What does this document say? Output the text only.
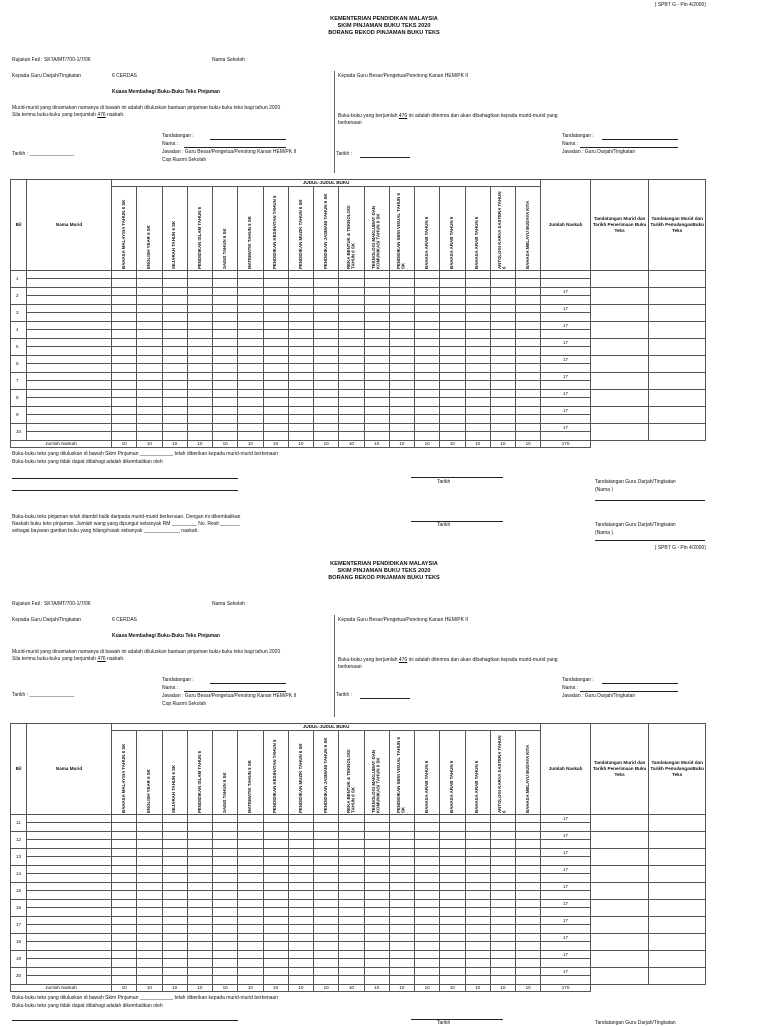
( SPBT G - Pin 4/2000)
KEMENTERIAN PENDIDIKAN MALAYSIA
SKIM PINJAMAN BUKU TEKS 2020
BORANG REKOD PINJAMAN BUKU TEKS
Rujukan Fail : SKTA/MT/700-1/7/06	Nama Sekolah :
Kepada Guru Darjah/Tingkatan	6 CERDAS	Kepada Guru Besar/Pengetua/Penolong Kanan HEM/PK II
Kuasa Membahagi Buku-Buku Teks Pinjaman
Murid-murid yang dinamakan namanya di bawah ini adalah diluluskan bantuan pinjaman buku-buku teks bagi tahun 2020
Sila terima buku-buku yang berjumlah 476 naskah.	Buku-buku yang berjumlah 476 ini adalah diterima dan akan dibahagikan kepada murid-murid yang
berkenaan
Tandatangan :
Nama :
Jawatan : Guru Besar/Pengetua/Penolong Kanan HEM/PK II
Cop Rasmi Sekolah
Tarikh : ________________
Tandatangan :
Nama :
Jawatan : Guru Darjah/Tingkatan
Tarikh :
Bil	Nama Murid	JUDUL-JUDUL BUKU																	Jumlah Naskah	Tandatangan Murid dan Tarikh Penerimaan Buku Teks	Tandatangan Murid dan Tarikh PemulanganBuku Teks
		BAHASA MALAYSIA TAHUN 6 SK	ENGLISH YEAR 6 SK	SEJARAH TAHUN 6 SK	PENDIDIKAN ISLAM TAHUN 6	SAINS TAHUN 6 SK	MATEMATIK TAHUN 6 SK	PENDIDIKAN KESIHATAN TAHUN 6	PENDIDIKAN MUZIK TAHUN 6 SK	PENDIDIKAN JASMANI TAHUN 6 SK	REKA BENTUK & TEKNOLOGI TAHUN 6 SK	TEKNOLOGI MAKLUMAT DAN KOMUNIKASI TAHUN 6 SK	PENDIDIKAN SENI VISUAL TAHUN 6 SK	BAHASA ARAB TAHUN 6	BAHASA ARAB TAHUN 6	BAHASA ARAB TAHUN 6	ANTOLOGI KARYA SASTERA TAHUN 6	BAHASA MELAYU BUDAYA KITA			
1																					

2																			17		

3																			17		

4																			17		

5																			17		

6																			17		

7																			17		

8																			17		

9																			17		

10																			17		

Jumlah Naskah		10	10	10	10	10	10	10	10	10	10	10	10	10	10	10	10	10	170		
Buku-buku teks yang diluluskan di bawah Skim Pinjaman ____________ telah diberikan kepada murid-murid berkenaan
Buku-buku teks yang tidak dapat dibahagi adalah dikembalikan oleh
Tarikh	Tandatangan Guru Darjah/Tingkatan
(Nama )
Buku-buku teks pinjaman telah diambil balik daripada murid-murid berkenaan. Dengan ini dikembalikan
Naskah buku teks pinjaman. Jumlah wang yang dipungut sebanyak RM _________ No. Resit _______
sebagai bayaran gantian buku yang hilang/rosak sebanyak _____________ naskah.
Tarikh	Tandatangan Guru Darjah/Tingkatan
(Nama )
( SPBT G - Pin 4/2000)
KEMENTERIAN PENDIDIKAN MALAYSIA
SKIM PINJAMAN BUKU TEKS 2020
BORANG REKOD PINJAMAN BUKU TEKS
Rujukan Fail : SKTA/MT/700-1/7/06	Nama Sekolah :
Kepada Guru Darjah/Tingkatan	6 CERDAS	Kepada Guru Besar/Pengetua/Penolong Kanan HEM/PK II
Kuasa Membahagi Buku-Buku Teks Pinjaman
Murid-murid yang dinamakan namanya di bawah ini adalah diluluskan bantuan pinjaman buku-buku teks bagi tahun 2020
Sila terima buku-buku yang berjumlah 476 naskah.	Buku-buku yang berjumlah 476 ini adalah diterima dan akan dibahagikan kepada murid-murid yang
berkenaan
Tandatangan :
Nama :
Jawatan : Guru Besar/Pengetua/Penolong Kanan HEM/PK II
Cop Rasmi Sekolah
Tarikh : ________________
Tandatangan :
Nama :
Jawatan : Guru Darjah/Tingkatan
Tarikh :
Bil	Nama Murid	JUDUL-JUDUL BUKU																	Jumlah Naskah	Tandatangan Murid dan Tarikh Penerimaan Buku Teks	Tandatangan Murid dan Tarikh PemulanganBuku Teks
		BAHASA MALAYSIA TAHUN 6 SK	ENGLISH YEAR 6 SK	SEJARAH TAHUN 6 SK	PENDIDIKAN ISLAM TAHUN 6	SAINS TAHUN 6 SK	MATEMATIK TAHUN 6 SK	PENDIDIKAN KESIHATAN TAHUN 6	PENDIDIKAN MUZIK TAHUN 6 SK	PENDIDIKAN JASMANI TAHUN 6 SK	REKA BENTUK & TEKNOLOGI TAHUN 6 SK	TEKNOLOGI MAKLUMAT DAN KOMUNIKASI TAHUN 6 SK	PENDIDIKAN SENI VISUAL TAHUN 6 SK	BAHASA ARAB TAHUN 6	BAHASA ARAB TAHUN 6	BAHASA ARAB TAHUN 6	ANTOLOGI KARYA SASTERA TAHUN 6	BAHASA MELAYU BUDAYA KITA			
11																			17		

12																			17		

13																			17		

14																			17		

15																			17		

16																			17		

17																			17		

18																			17		

19																			17		

20																			17		

Jumlah Naskah		10	10	10	10	10	10	10	10	10	10	10	10	10	10	10	10	10	170		
Buku-buku teks yang diluluskan di bawah Skim Pinjaman ____________ telah diberikan kepada murid-murid berkenaan
Buku-buku teks yang tidak dapat dibahagi adalah dikembalikan oleh
Tarikh	Tandatangan Guru Darjah/Tingkatan
